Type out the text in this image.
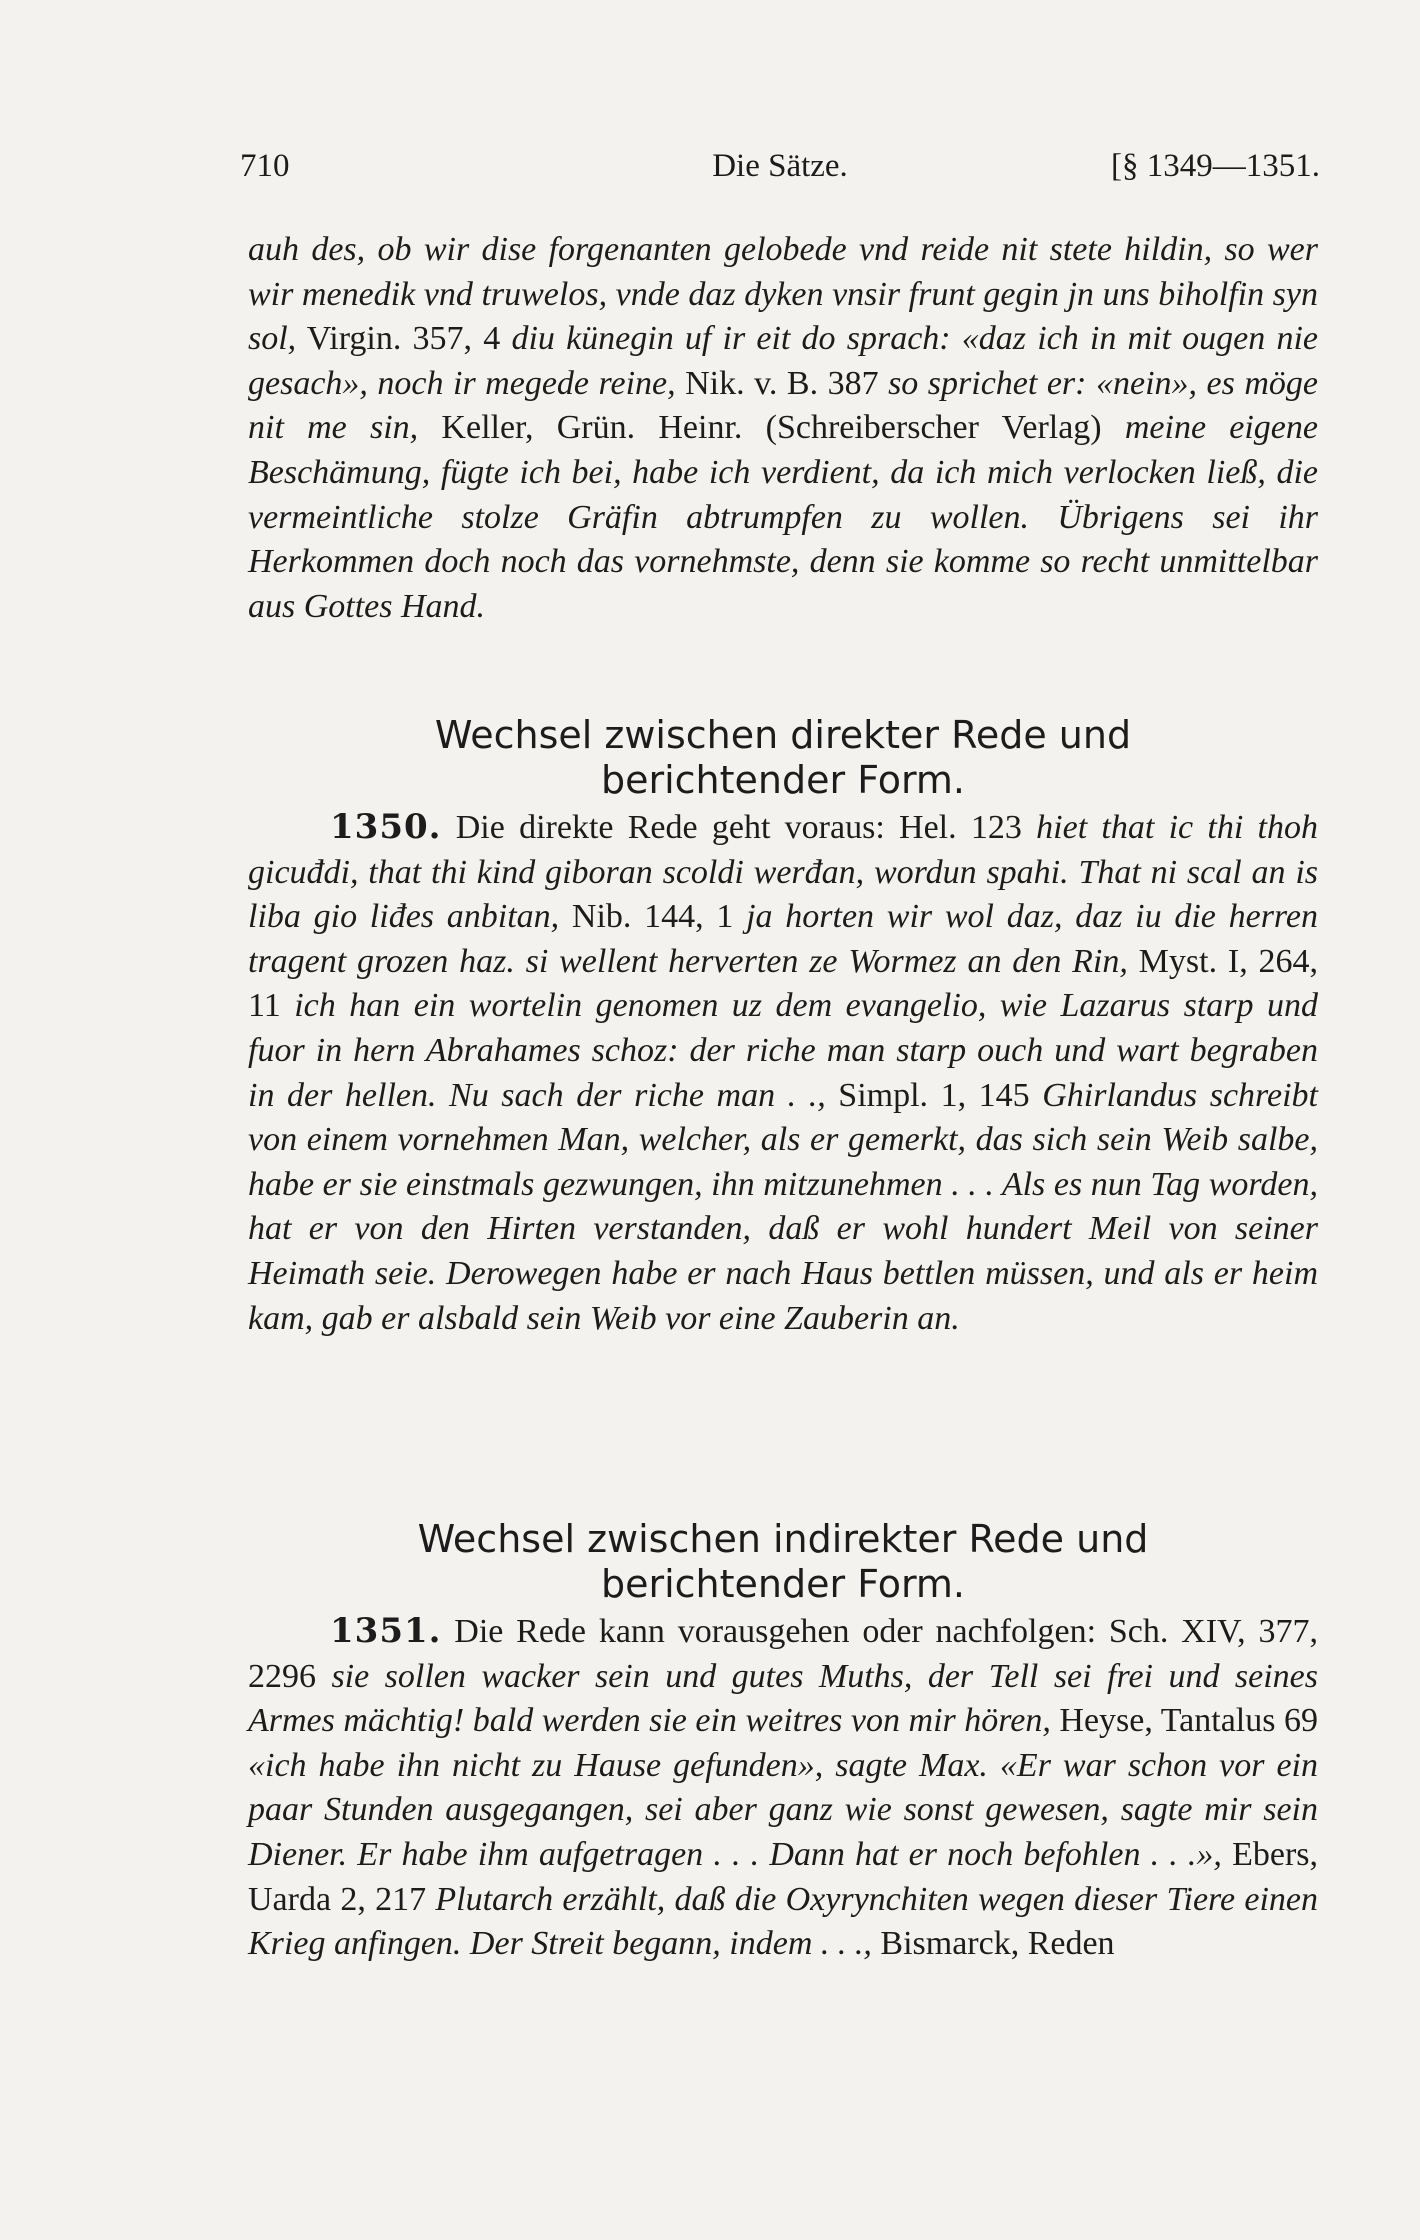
710	Die Sätze.	[§ 1349—1351.
auh des, ob wir dise forgenanten gelobede vnd reide nit stete hildin, so wer wir menedik vnd truwelos, vnde daz dyken vnsir frunt gegin jn uns biholfin syn sol, Virgin. 357, 4 diu künegin uf ir eit do sprach: «daz ich in mit ougen nie gesach», noch ir megede reine, Nik. v. B. 387 so sprichet er: «nein», es möge nit me sin, Keller, Grün. Heinr. (Schreiberscher Verlag) meine eigene Beschämung, fügte ich bei, habe ich verdient, da ich mich verlocken ließ, die vermeintliche stolze Gräfin abtrumpfen zu wollen. Übrigens sei ihr Herkommen doch noch das vornehmste, denn sie komme so recht unmittelbar aus Gottes Hand.
Wechsel zwischen direkter Rede und
berichtender Form.
1350. Die direkte Rede geht voraus: Hel. 123 hiet that ic thi thoh gicuđdi, that thi kind giboran scoldi werđan, wordun spahi. That ni scal an is liba gio liđes anbitan, Nib. 144, 1 ja horten wir wol daz, daz iu die herren tragent grozen haz. si wellent herverten ze Wormez an den Rin, Myst. I, 264, 11 ich han ein wortelin genomen uz dem evangelio, wie Lazarus starp und fuor in hern Abrahames schoz: der riche man starp ouch und wart begraben in der hellen. Nu sach der riche man . ., Simpl. 1, 145 Ghirlandus schreibt von einem vornehmen Man, welcher, als er gemerkt, das sich sein Weib salbe, habe er sie einstmals gezwungen, ihn mitzunehmen . . . Als es nun Tag worden, hat er von den Hirten verstanden, daß er wohl hundert Meil von seiner Heimath seie. Derowegen habe er nach Haus bettlen müssen, und als er heim kam, gab er alsbald sein Weib vor eine Zauberin an.
Wechsel zwischen indirekter Rede und
berichtender Form.
1351. Die Rede kann vorausgehen oder nachfolgen: Sch. XIV, 377, 2296 sie sollen wacker sein und gutes Muths, der Tell sei frei und seines Armes mächtig! bald werden sie ein weitres von mir hören, Heyse, Tantalus 69 «ich habe ihn nicht zu Hause gefunden», sagte Max. «Er war schon vor ein paar Stunden ausgegangen, sei aber ganz wie sonst gewesen, sagte mir sein Diener. Er habe ihm aufgetragen . . . Dann hat er noch befohlen . . .», Ebers, Uarda 2, 217 Plutarch erzählt, daß die Oxyrynchiten wegen dieser Tiere einen Krieg anfingen. Der Streit begann, indem . . ., Bismarck, Reden
